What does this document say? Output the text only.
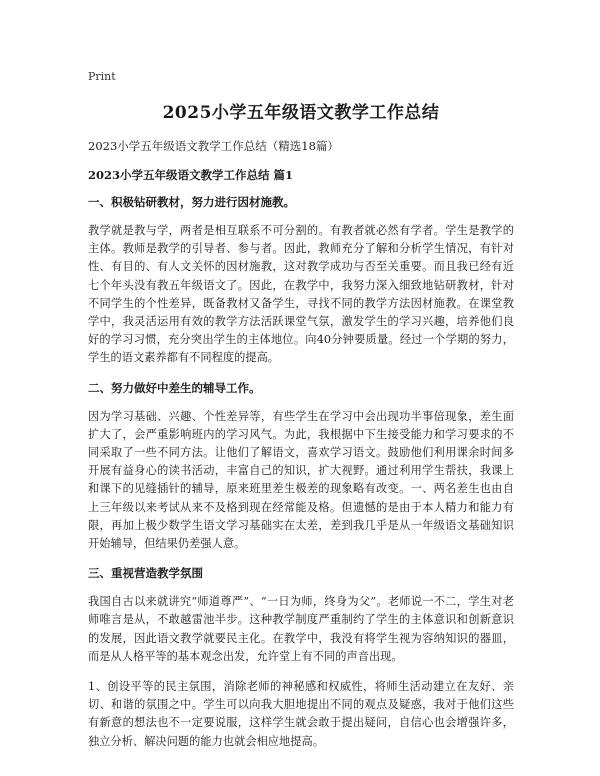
Print
2025小学五年级语文教学工作总结
2023小学五年级语文教学工作总结（精选18篇）
2023小学五年级语文教学工作总结 篇1
一、积极钻研教材，努力进行因材施教。

教学就是教与学，两者是相互联系不可分割的。有教者就必然有学者。学生是教学的主体。教师是教学的引导者、参与者。因此，教师充分了解和分析学生情况，有针对性、有目的、有人文关怀的因材施教，这对教学成功与否至关重要。而且我已经有近七个年头没有教五年级语文了。因此，在教学中，我努力深入细致地钻研教材，针对不同学生的个性差异，既备教材又备学生，寻找不同的教学方法因材施教。在课堂教学中，我灵活运用有效的教学方法活跃课堂气氛，激发学生的学习兴趣，培养他们良好的学习习惯，充分突出学生的主体地位。向40分钟要质量。经过一个学期的努力，学生的语文素养都有不同程度的提高。

二、努力做好中差生的辅导工作。

因为学习基础、兴趣、个性差异等，有些学生在学习中会出现功半事倍现象，差生面扩大了，会严重影响班内的学习风气。为此，我根据中下生接受能力和学习要求的不同采取了一些不同方法。让他们了解语文，喜欢学习语文。鼓励他们利用课余时间多开展有益身心的读书活动，丰富自己的知识，扩大视野。通过利用学生帮扶，我课上和课下的见缝插针的辅导，原来班里差生极差的现象略有改变。一、两名差生也由自上三年级以来考试从来不及格到现在经常能及格。但遗憾的是由于本人精力和能力有限，再加上极少数学生语文学习基础实在太差，差到我几乎是从一年级语文基础知识开始辅导，但结果仍差强人意。

三、重视营造教学氛围

我国自古以来就讲究“师道尊严”、“一日为师，终身为父”。老师说一不二，学生对老师唯言是从，不敢越雷池半步。这种教学制度严重制约了学生的主体意识和创新意识的发展，因此语文教学就要民主化。在教学中，我没有将学生视为容纳知识的器皿，而是从人格平等的基本观念出发，允许堂上有不同的声音出现。

1、创设平等的民主氛围，消除老师的神秘感和权威性，将师生活动建立在友好、亲切、和谐的氛围之中。学生可以向我大胆地提出不同的观点及疑惑，我对于他们这些有新意的想法也不一定要说服，这样学生就会敢于提出疑问，自信心也会增强许多，独立分析、解决问题的能力也就会相应地提高。
